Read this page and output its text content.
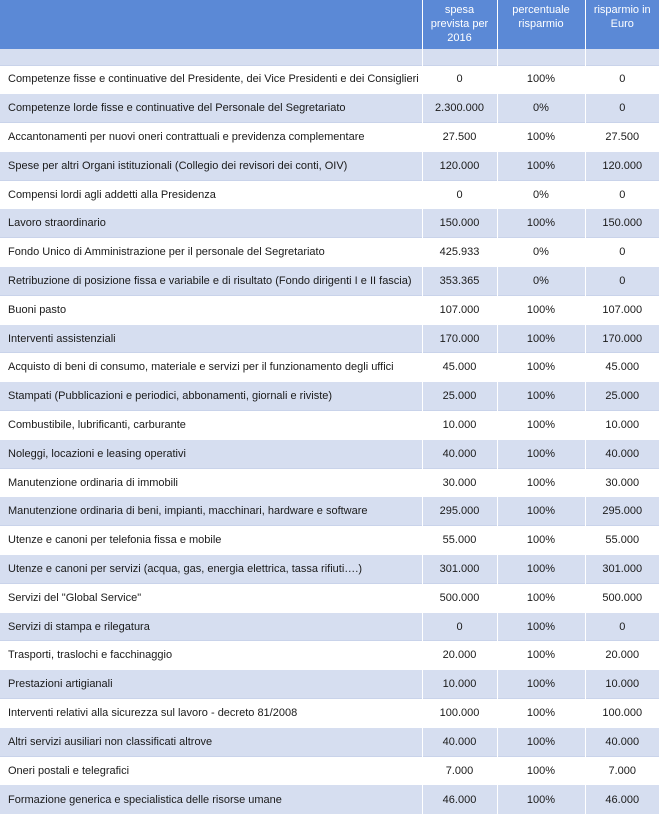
	spesa prevista per 2016	percentuale risparmio	risparmio in Euro

Competenze fisse e continuative del Presidente, dei Vice Presidenti e dei Consiglieri	0	100%	0
Competenze lorde fisse e continuative del Personale del Segretariato	2.300.000	0%	0
Accantonamenti per nuovi oneri contrattuali e previdenza complementare	27.500	100%	27.500
Spese per altri Organi istituzionali (Collegio dei revisori dei conti, OIV)	120.000	100%	120.000
Compensi lordi agli addetti alla Presidenza	0	0%	0
Lavoro straordinario	150.000	100%	150.000
Fondo Unico di Amministrazione per il personale del Segretariato	425.933	0%	0
Retribuzione di posizione fissa e variabile e di risultato (Fondo dirigenti I e II fascia)	353.365	0%	0
Buoni pasto	107.000	100%	107.000
Interventi assistenziali	170.000	100%	170.000
Acquisto di beni di consumo, materiale e servizi per il funzionamento degli uffici	45.000	100%	45.000
Stampati (Pubblicazioni e periodici, abbonamenti, giornali e riviste)	25.000	100%	25.000
Combustibile, lubrificanti, carburante	10.000	100%	10.000
Noleggi, locazioni e leasing operativi	40.000	100%	40.000
Manutenzione ordinaria di immobili	30.000	100%	30.000
Manutenzione ordinaria di beni, impianti, macchinari, hardware e software	295.000	100%	295.000
Utenze e canoni per telefonia fissa e mobile	55.000	100%	55.000
Utenze e canoni per servizi (acqua, gas, energia elettrica, tassa rifiuti….)	301.000	100%	301.000
Servizi del "Global Service"	500.000	100%	500.000
Servizi di stampa e rilegatura	0	100%	0
Trasporti, traslochi e facchinaggio	20.000	100%	20.000
Prestazioni artigianali	10.000	100%	10.000
Interventi relativi alla sicurezza sul lavoro - decreto 81/2008	100.000	100%	100.000
Altri servizi ausiliari non classificati altrove	40.000	100%	40.000
Oneri postali e telegrafici	7.000	100%	7.000
Formazione generica e specialistica delle risorse umane	46.000	100%	46.000
